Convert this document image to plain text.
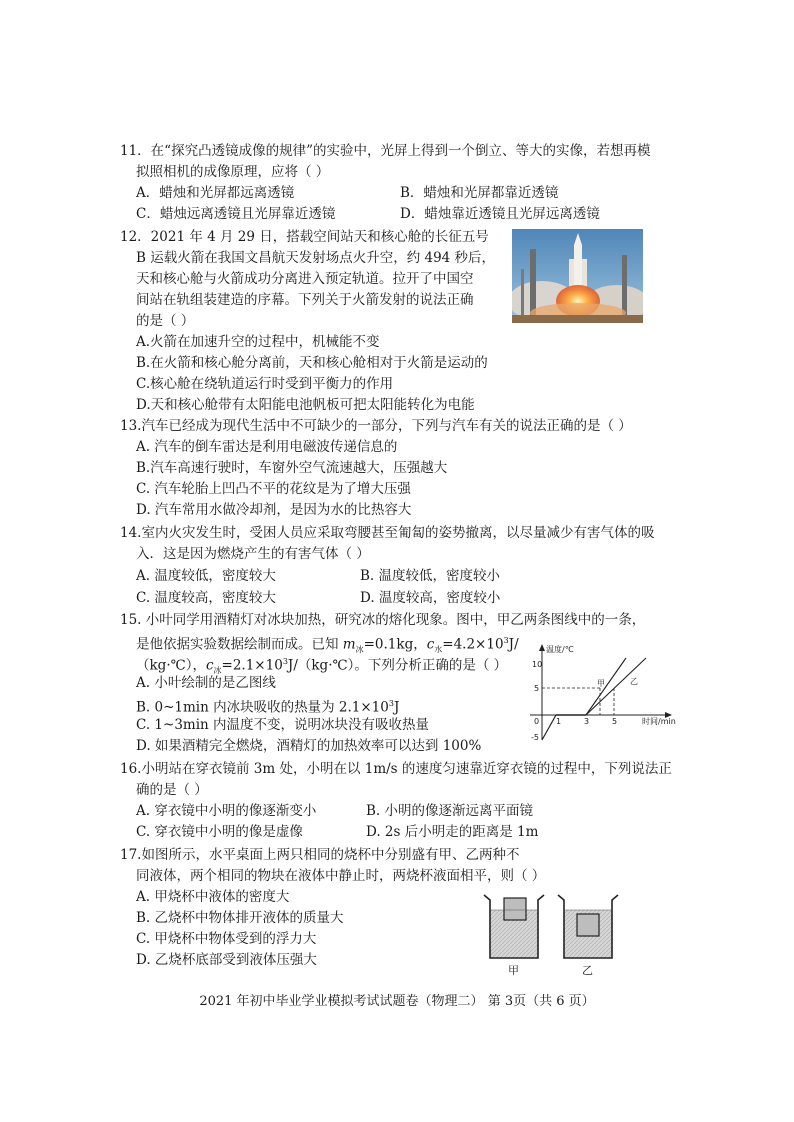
11．在“探究凸透镜成像的规律”的实验中，光屏上得到一个倒立、等大的实像，若想再模
拟照相机的成像原理，应将（ ）
A．蜡烛和光屏都远离透镜	B．蜡烛和光屏都靠近透镜
C．蜡烛远离透镜且光屏靠近透镜	D．蜡烛靠近透镜且光屏远离透镜
12．2021 年 4 月 29 日，搭载空间站天和核心舱的长征五号
B 运载火箭在我国文昌航天发射场点火升空，约 494 秒后，
天和核心舱与火箭成功分离进入预定轨道。拉开了中国空
间站在轨组装建造的序幕。下列关于火箭发射的说法正确
的是（ ）
A.火箭在加速升空的过程中，机械能不变
B.在火箭和核心舱分离前，天和核心舱相对于火箭是运动的
C.核心舱在绕轨道运行时受到平衡力的作用
D.天和核心舱带有太阳能电池帆板可把太阳能转化为电能
13.汽车已经成为现代生活中不可缺少的一部分，下列与汽车有关的说法正确的是（ ）
A. 汽车的倒车雷达是利用电磁波传递信息的
B.汽车高速行驶时，车窗外空气流速越大，压强越大
C. 汽车轮胎上凹凸不平的花纹是为了增大压强
D. 汽车常用水做冷却剂，是因为水的比热容大
14.室内火灾发生时，受困人员应采取弯腰甚至匍匐的姿势撤离，以尽量减少有害气体的吸
入．这是因为燃烧产生的有害气体（ ）
A. 温度较低，密度较大	B. 温度较低，密度较小
C. 温度较高，密度较大	D. 温度较高，密度较小
15. 小叶同学用酒精灯对冰块加热，研究冰的熔化现象。图中，甲乙两条图线中的一条，
是他依据实验数据绘制而成。已知 $m_冰=0.1kg$，$c_水=4.2\times 10^3J/$
（kg·℃），$c_冰=2.1\times 10^3J/(kg\cdot℃)$。下列分析正确的是（ ）
A. 小叶绘制的是乙图线
B. 0~1min 内冰块吸收的热量为 $2.1\times 10^3J$
C. 1~3min 内温度不变，说明冰块没有吸收热量
D. 如果酒精完全燃烧，酒精灯的加热效率可以达到 100%
温度/℃
时间/min
10
5
-5
0 1	3	5
甲	乙
16.小明站在穿衣镜前 3m 处，小明在以 1m/s 的速度匀速靠近穿衣镜的过程中，下列说法正
确的是（ ）
A. 穿衣镜中小明的像逐渐变小	B. 小明的像逐渐远离平面镜
C. 穿衣镜中小明的像是虚像	D. 2s 后小明走的距离是 1m
17.如图所示，水平桌面上两只相同的烧杯中分别盛有甲、乙两种不
同液体，两个相同的物块在液体中静止时，两烧杯液面相平，则（ ）
A. 甲烧杯中液体的密度大
B. 乙烧杯中物体排开液体的质量大
C. 甲烧杯中物体受到的浮力大
D. 乙烧杯底部受到液体压强大
甲	乙
2021 年初中毕业学业模拟考试试题卷（物理二） 第 3页（共 6 页）
